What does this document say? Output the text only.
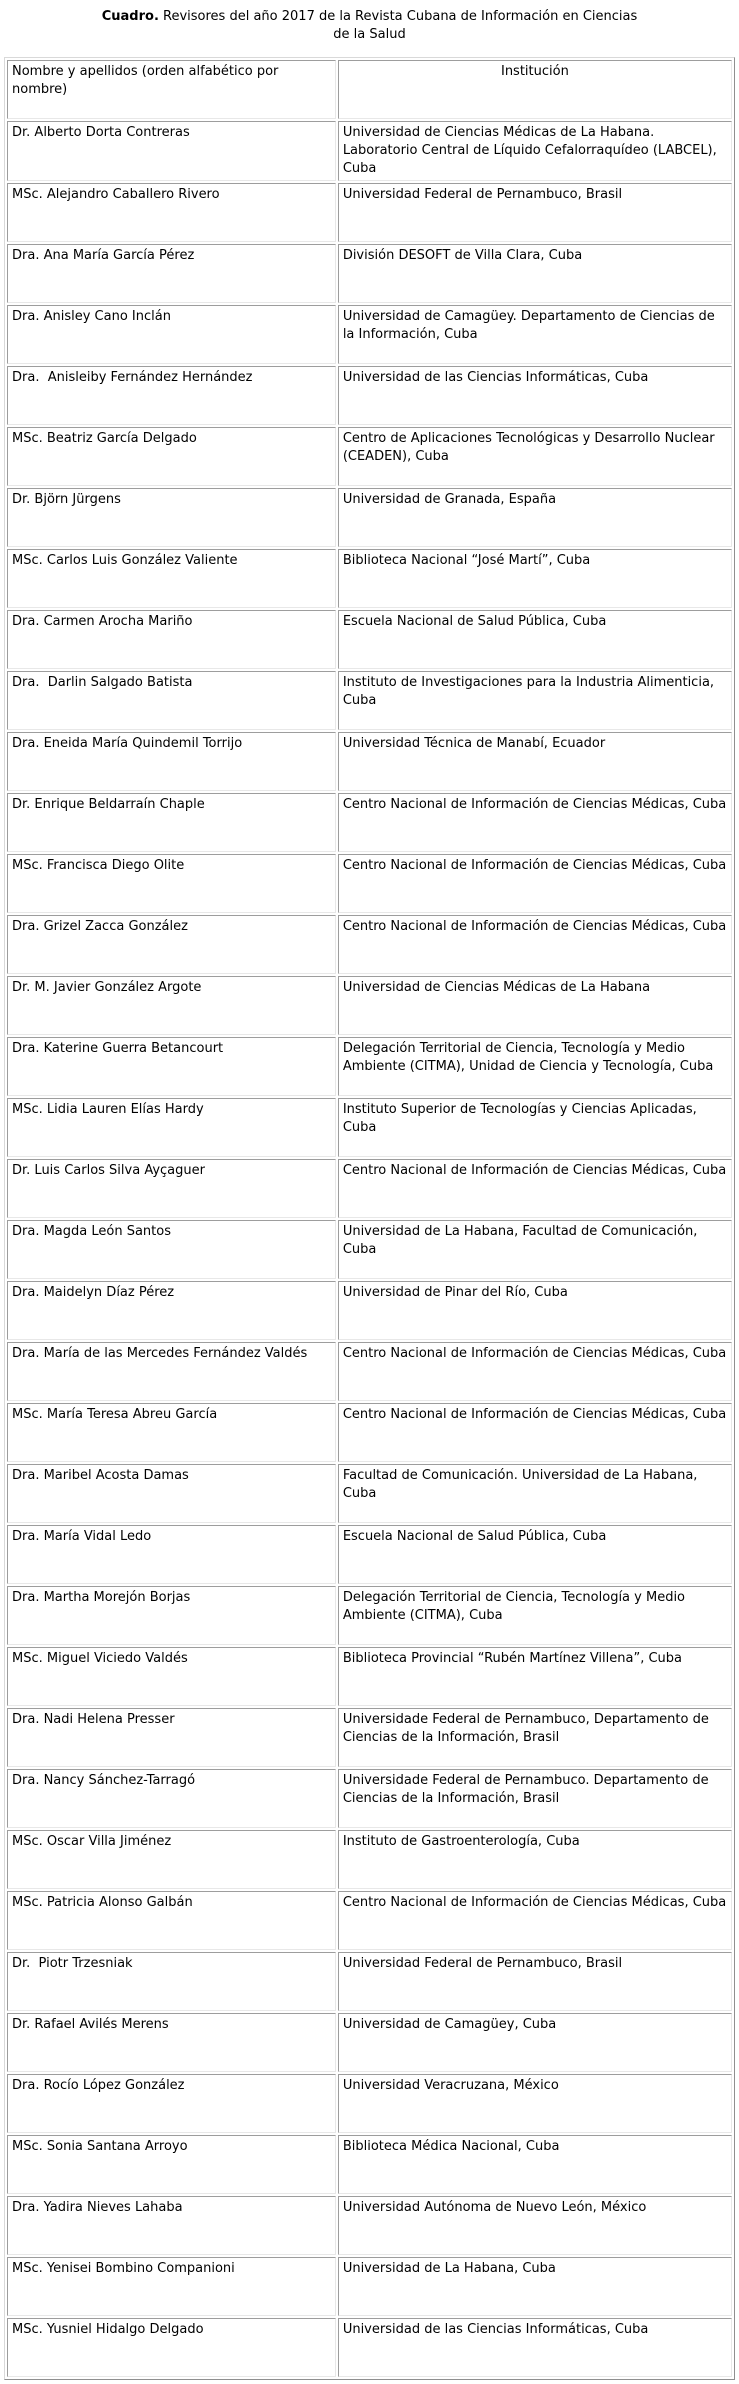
Cuadro. Revisores del año 2017 de la Revista Cubana de Información en Ciencias de la Salud

Nombre y apellidos (orden alfabético por nombre)	Institución
Dr. Alberto Dorta Contreras	Universidad de Ciencias Médicas de La Habana. Laboratorio Central de Líquido Cefalorraquídeo (LABCEL), Cuba
MSc. Alejandro Caballero Rivero	Universidad Federal de Pernambuco, Brasil
Dra. Ana María García Pérez	División DESOFT de Villa Clara, Cuba
Dra. Anisley Cano Inclán	Universidad de Camagüey. Departamento de Ciencias de la Información, Cuba
Dra.  Anisleiby Fernández Hernández	Universidad de las Ciencias Informáticas, Cuba
MSc. Beatriz García Delgado	Centro de Aplicaciones Tecnológicas y Desarrollo Nuclear (CEADEN), Cuba
Dr. Björn Jürgens	Universidad de Granada, España
MSc. Carlos Luis González Valiente	Biblioteca Nacional “José Martí”, Cuba
Dra. Carmen Arocha Mariño	Escuela Nacional de Salud Pública, Cuba
Dra.  Darlin Salgado Batista	Instituto de Investigaciones para la Industria Alimenticia, Cuba
Dra. Eneida María Quindemil Torrijo	Universidad Técnica de Manabí, Ecuador
Dr. Enrique Beldarraín Chaple	Centro Nacional de Información de Ciencias Médicas, Cuba
MSc. Francisca Diego Olite	Centro Nacional de Información de Ciencias Médicas, Cuba
Dra. Grizel Zacca González	Centro Nacional de Información de Ciencias Médicas, Cuba
Dr. M. Javier González Argote	Universidad de Ciencias Médicas de La Habana
Dra. Katerine Guerra Betancourt	Delegación Territorial de Ciencia, Tecnología y Medio Ambiente (CITMA), Unidad de Ciencia y Tecnología, Cuba
MSc. Lidia Lauren Elías Hardy	Instituto Superior de Tecnologías y Ciencias Aplicadas, Cuba
Dr. Luis Carlos Silva Ayçaguer	Centro Nacional de Información de Ciencias Médicas, Cuba
Dra. Magda León Santos	Universidad de La Habana, Facultad de Comunicación, Cuba
Dra. Maidelyn Díaz Pérez	Universidad de Pinar del Río, Cuba
Dra. María de las Mercedes Fernández Valdés	Centro Nacional de Información de Ciencias Médicas, Cuba
MSc. María Teresa Abreu García	Centro Nacional de Información de Ciencias Médicas, Cuba
Dra. Maribel Acosta Damas	Facultad de Comunicación. Universidad de La Habana, Cuba
Dra. María Vidal Ledo	Escuela Nacional de Salud Pública, Cuba
Dra. Martha Morejón Borjas	Delegación Territorial de Ciencia, Tecnología y Medio Ambiente (CITMA), Cuba
MSc. Miguel Viciedo Valdés	Biblioteca Provincial “Rubén Martínez Villena”, Cuba
Dra. Nadi Helena Presser	Universidade Federal de Pernambuco, Departamento de Ciencias de la Información, Brasil
Dra. Nancy Sánchez-Tarragó	Universidade Federal de Pernambuco. Departamento de Ciencias de la Información, Brasil
MSc. Oscar Villa Jiménez	Instituto de Gastroenterología, Cuba
MSc. Patricia Alonso Galbán	Centro Nacional de Información de Ciencias Médicas, Cuba
Dr.  Piotr Trzesniak	Universidad Federal de Pernambuco, Brasil
Dr. Rafael Avilés Merens	Universidad de Camagüey, Cuba
Dra. Rocío López González	Universidad Veracruzana, México
MSc. Sonia Santana Arroyo	Biblioteca Médica Nacional, Cuba
Dra. Yadira Nieves Lahaba	Universidad Autónoma de Nuevo León, México
MSc. Yenisei Bombino Companioni	Universidad de La Habana, Cuba
MSc. Yusniel Hidalgo Delgado	Universidad de las Ciencias Informáticas, Cuba
